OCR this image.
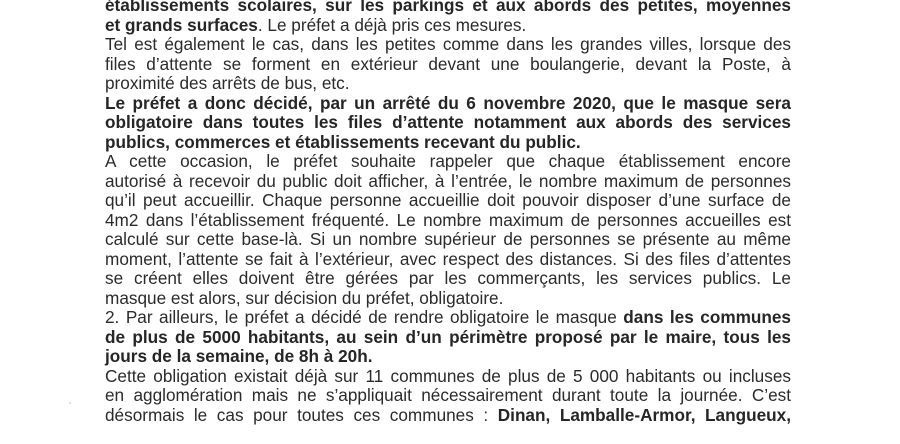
établissements scolaires, sur les parkings et aux abords des petites, moyennes
et grands surfaces. Le préfet a déjà pris ces mesures.
Tel est également le cas, dans les petites comme dans les grandes villes, lorsque des
files d’attente se forment en extérieur devant une boulangerie, devant la Poste, à
proximité des arrêts de bus, etc.
Le préfet a donc décidé, par un arrêté du 6 novembre 2020, que le masque sera
obligatoire dans toutes les files d’attente notamment aux abords des services
publics, commerces et établissements recevant du public.
A cette occasion, le préfet souhaite rappeler que chaque établissement encore
autorisé à recevoir du public doit afficher, à l’entrée, le nombre maximum de personnes
qu’il peut accueillir. Chaque personne accueillie doit pouvoir disposer d’une surface de
4m2 dans l’établissement fréquenté. Le nombre maximum de personnes accueilles est
calculé sur cette base-là. Si un nombre supérieur de personnes se présente au même
moment, l’attente se fait à l’extérieur, avec respect des distances. Si des files d’attentes
se créent elles doivent être gérées par les commerçants, les services publics. Le
masque est alors, sur décision du préfet, obligatoire.
2. Par ailleurs, le préfet a décidé de rendre obligatoire le masque dans les communes
de plus de 5000 habitants, au sein d’un périmètre proposé par le maire, tous les
jours de la semaine, de 8h à 20h.
Cette obligation existait déjà sur 11 communes de plus de 5 000 habitants ou incluses
en agglomération mais ne s’appliquait nécessairement durant toute la journée. C’est
désormais le cas pour toutes ces communes : Dinan, Lamballe-Armor, Langueux,
